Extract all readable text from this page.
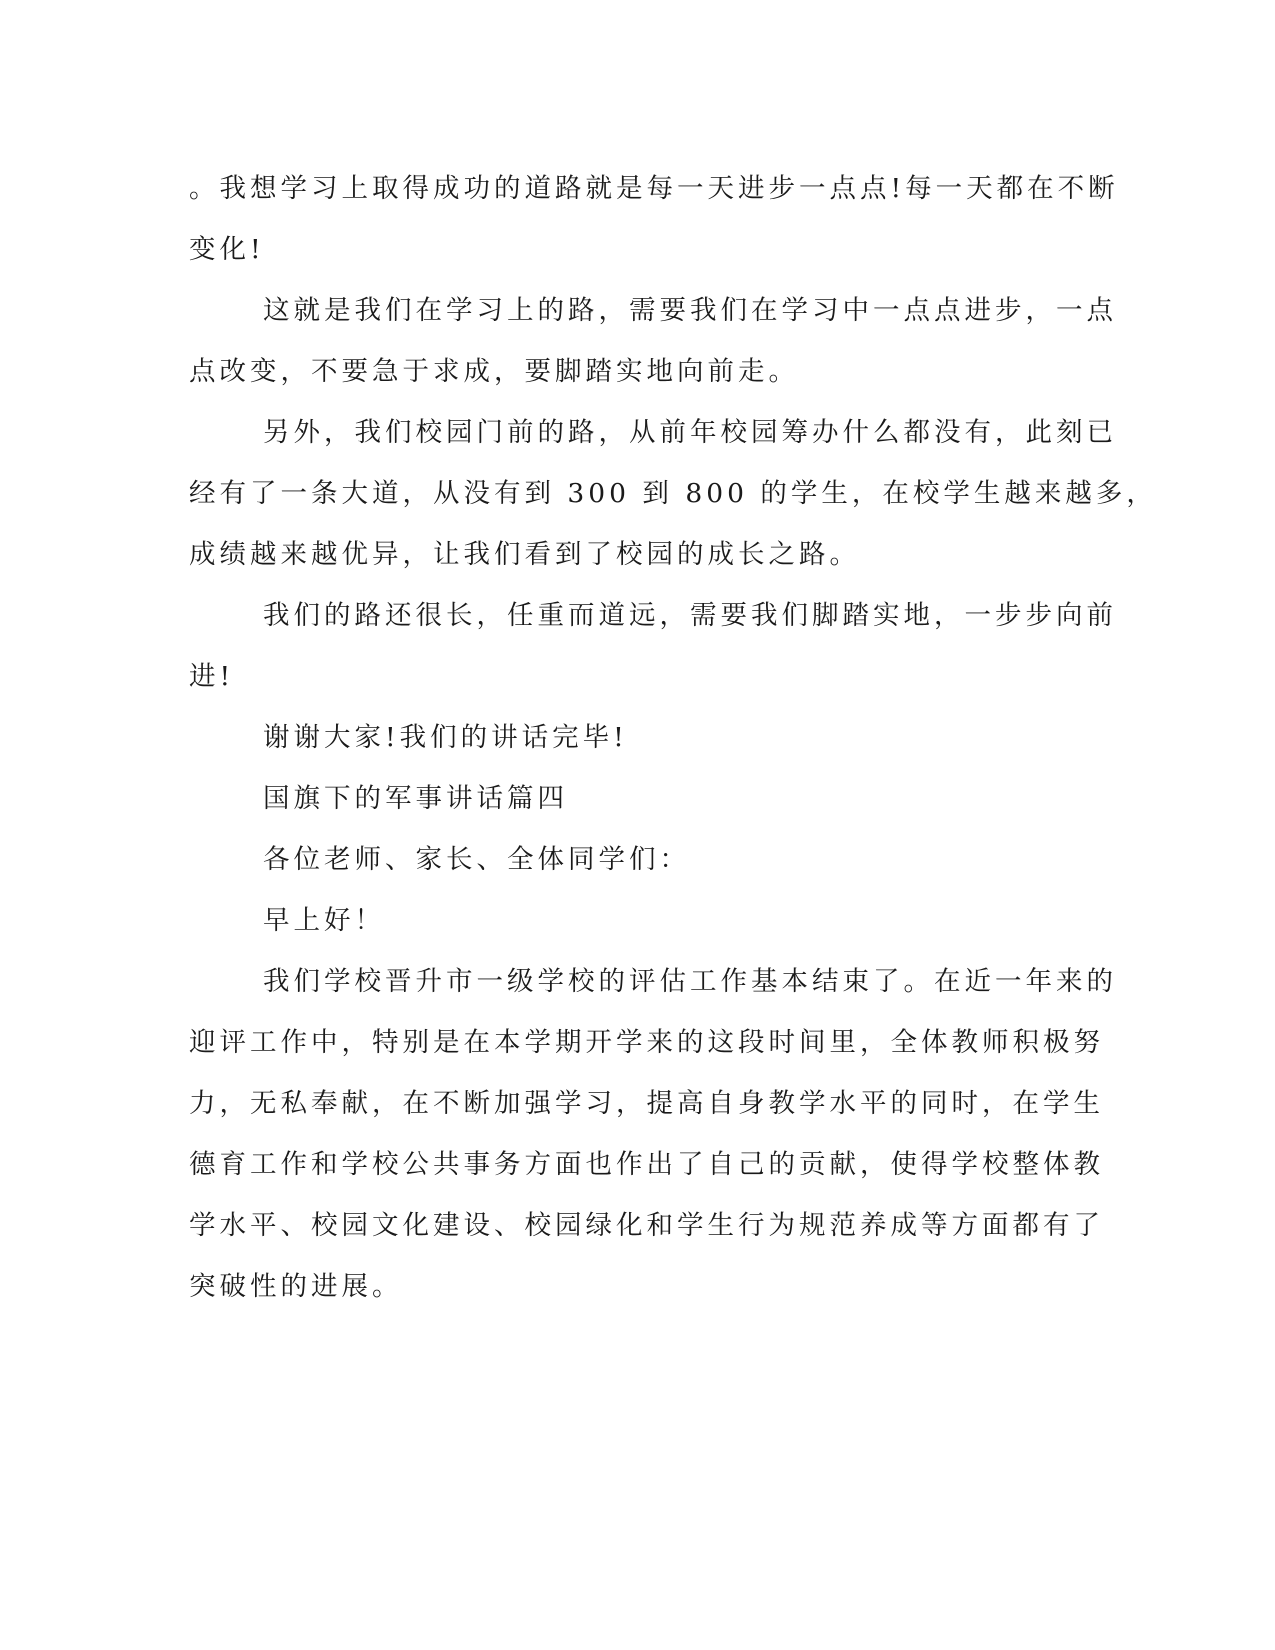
。我想学习上取得成功的道路就是每一天进步一点点!每一天都在不断
变化!
这就是我们在学习上的路，需要我们在学习中一点点进步，一点
点改变，不要急于求成，要脚踏实地向前走。
另外，我们校园门前的路，从前年校园筹办什么都没有，此刻已
经有了一条大道，从没有到 300 到 800 的学生，在校学生越来越多，
成绩越来越优异，让我们看到了校园的成长之路。
我们的路还很长，任重而道远，需要我们脚踏实地，一步步向前
进!
谢谢大家!我们的讲话完毕!
国旗下的军事讲话篇四
各位老师、家长、全体同学们：
早上好！
我们学校晋升市一级学校的评估工作基本结束了。在近一年来的
迎评工作中，特别是在本学期开学来的这段时间里，全体教师积极努
力，无私奉献，在不断加强学习，提高自身教学水平的同时，在学生
德育工作和学校公共事务方面也作出了自己的贡献，使得学校整体教
学水平、校园文化建设、校园绿化和学生行为规范养成等方面都有了
突破性的进展。
